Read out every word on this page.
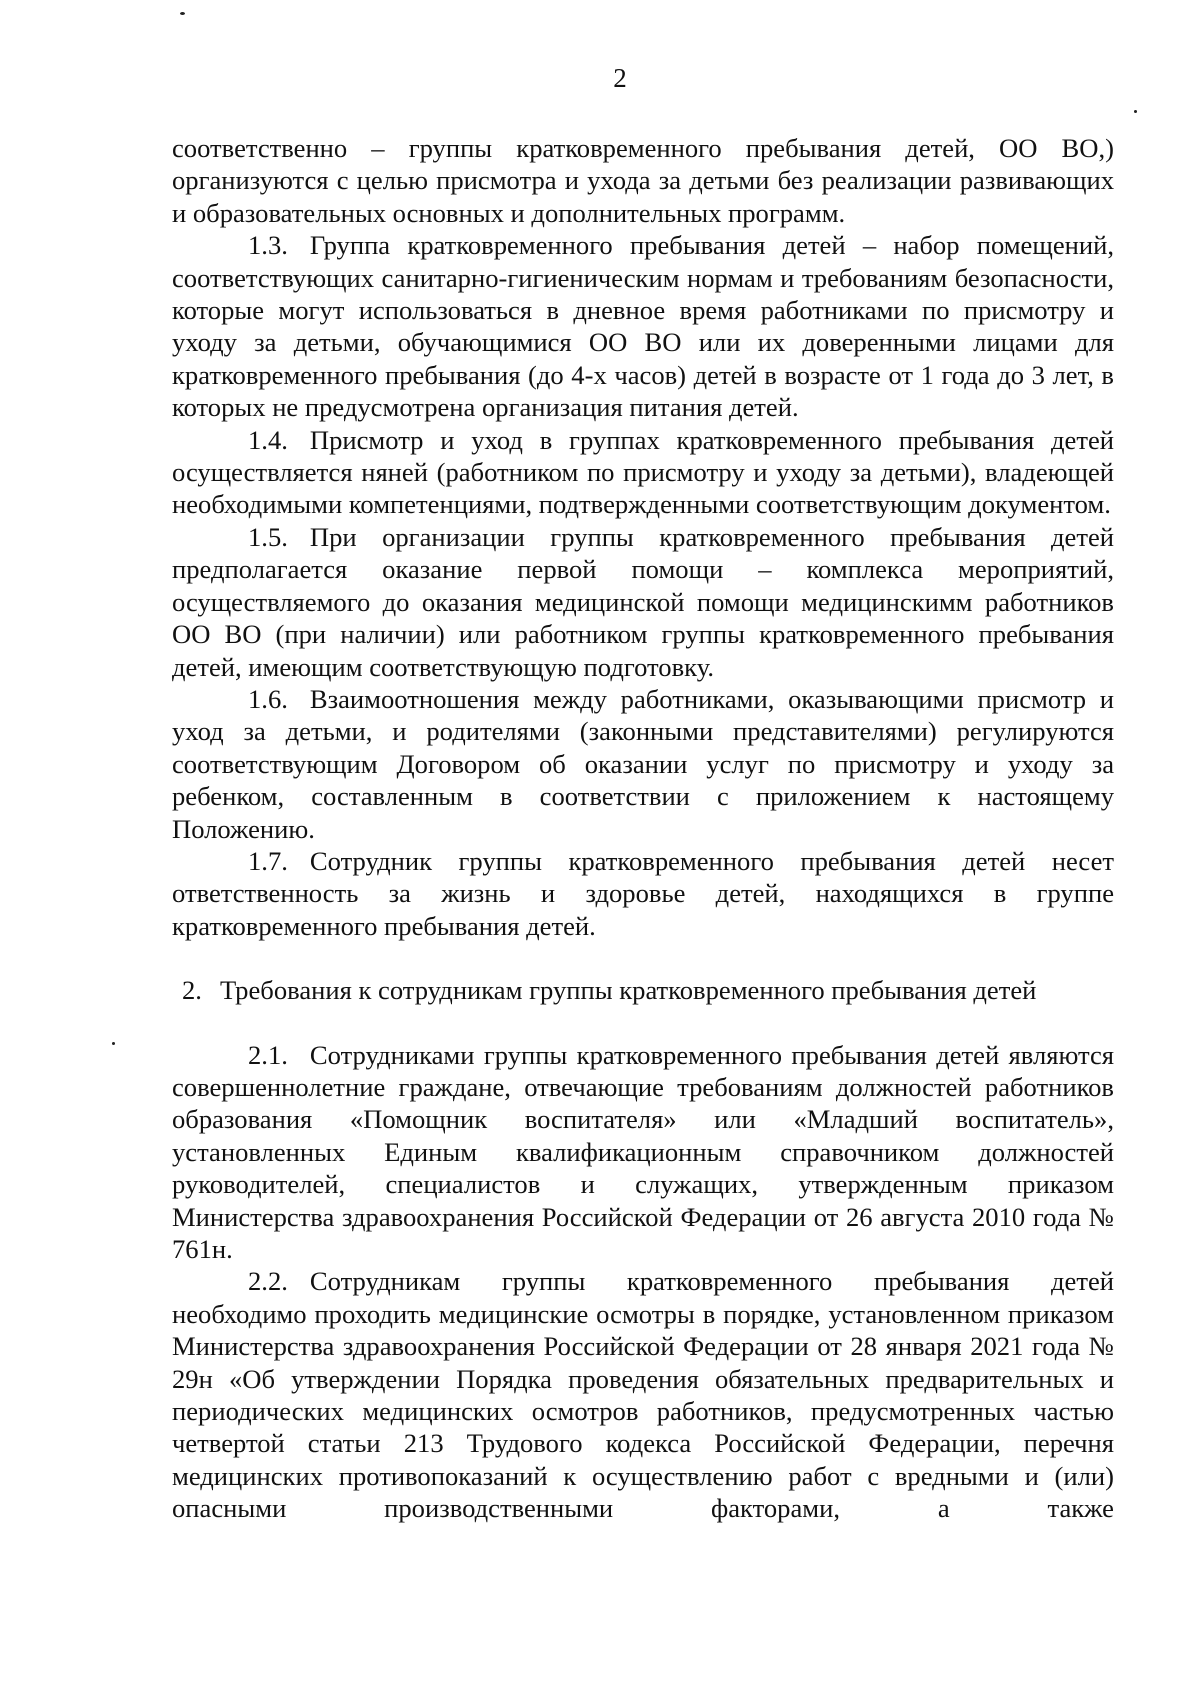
2

соответственно – группы кратковременного пребывания детей, ОО ВО,) организуются с целью присмотра и ухода за детьми без реализации развивающих и образовательных основных и дополнительных программ.

1.3. Группа кратковременного пребывания детей – набор помещений, соответствующих санитарно-гигиеническим нормам и требованиям безопасности, которые могут использоваться в дневное время работниками по присмотру и уходу за детьми, обучающимися ОО ВО или их доверенными лицами для кратковременного пребывания (до 4-х часов) детей в возрасте от 1 года до 3 лет, в которых не предусмотрена организация питания детей.

1.4. Присмотр и уход в группах кратковременного пребывания детей осуществляется няней (работником по присмотру и уходу за детьми), владеющей необходимыми компетенциями, подтвержденными соответствующим документом.

1.5. При организации группы кратковременного пребывания детей предполагается оказание первой помощи – комплекса мероприятий, осуществляемого до оказания медицинской помощи медицинскимм работников ОО ВО (при наличии) или работником группы кратковременного пребывания детей, имеющим соответствующую подготовку.

1.6. Взаимоотношения между работниками, оказывающими присмотр и уход за детьми, и родителями (законными представителями) регулируются соответствующим Договором об оказании услуг по присмотру и уходу за ребенком, составленным в соответствии с приложением к настоящему Положению.

1.7. Сотрудник группы кратковременного пребывания детей несет ответственность за жизнь и здоровье детей, находящихся в группе кратковременного пребывания детей.

2. Требования к сотрудникам группы кратковременного пребывания детей

2.1. Сотрудниками группы кратковременного пребывания детей являются совершеннолетние граждане, отвечающие требованиям должностей работников образования «Помощник воспитателя» или «Младший воспитатель», установленных Единым квалификационным справочником должностей руководителей, специалистов и служащих, утвержденным приказом Министерства здравоохранения Российской Федерации от 26 августа 2010 года № 761н.

2.2. Сотрудникам группы кратковременного пребывания детей необходимо проходить медицинские осмотры в порядке, установленном приказом Министерства здравоохранения Российской Федерации от 28 января 2021 года № 29н «Об утверждении Порядка проведения обязательных предварительных и периодических медицинских осмотров работников, предусмотренных частью четвертой статьи 213 Трудового кодекса Российской Федерации, перечня медицинских противопоказаний к осуществлению работ с вредными и (или) опасными производственными факторами, а также
